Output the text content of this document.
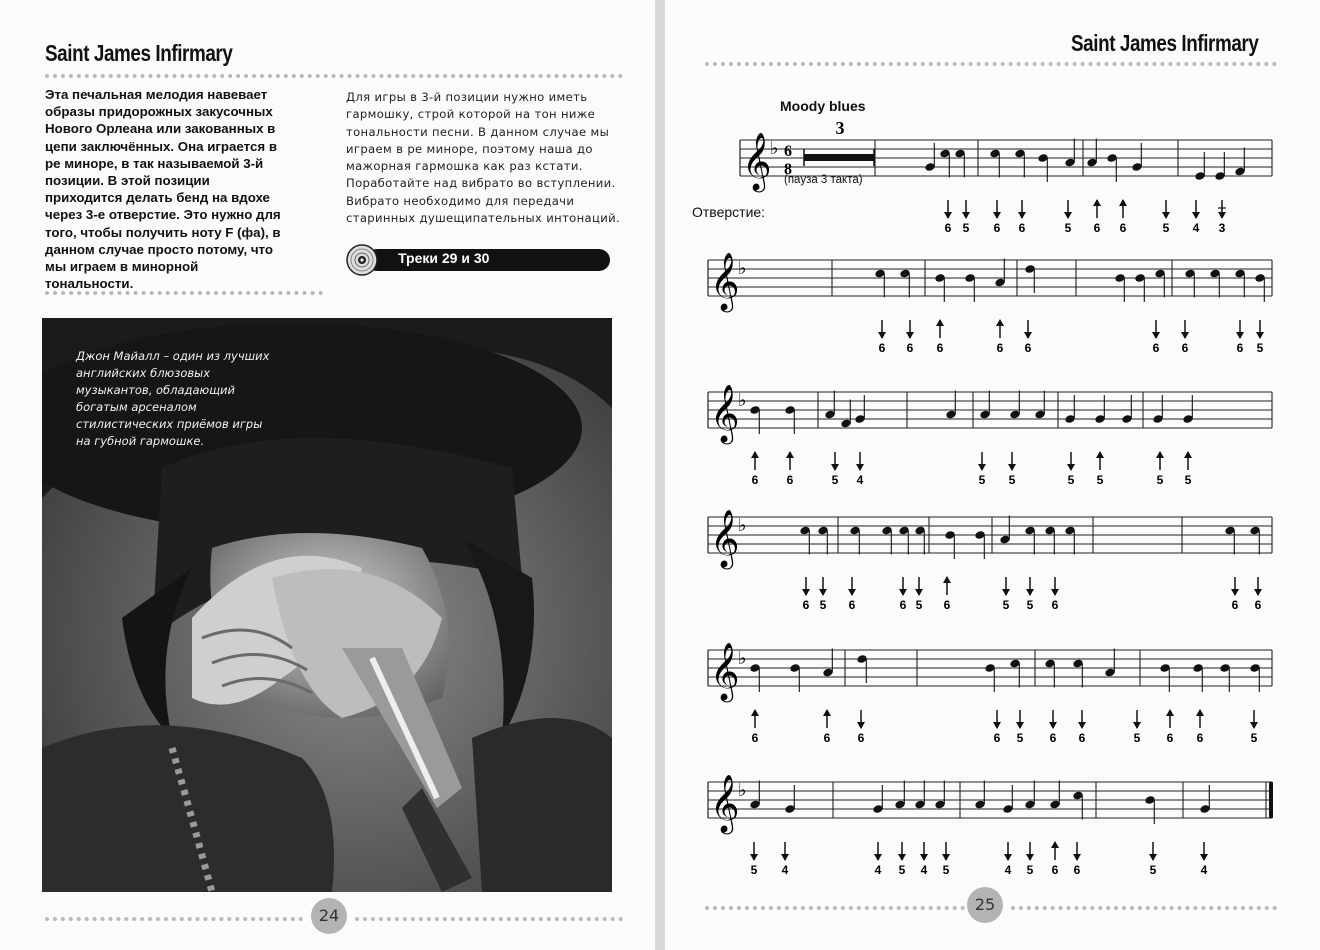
Saint James Infirmary
Эта печальная мелодия навевает
образы придорожных закусочных
Нового Орлеана или закованных в
цепи заключённых. Она играется в
ре миноре, в так называемой 3-й
позиции. В этой позиции
приходится делать бенд на вдохе
через 3-е отверстие. Это нужно для
того, чтобы получить ноту F (фа), в
данном случае просто потому, что
мы играем в минорной
тональности.
Для игры в 3-й позиции нужно иметь
гармошку, строй которой на тон ниже
тональности песни. В данном случае мы
играем в ре миноре, поэтому наша до
мажорная гармошка как раз кстати.
Поработайте над вибрато во вступлении.
Вибрато необходимо для передачи
старинных душещипательных интонаций.
Треки 29 и 30
Джон Майалл – один из лучших
английских блюзовых
музыкантов, обладающий
богатым арсеналом
стилистических приёмов игры
на губной гармошке.
24
Saint James Infirmary
25
Moody blues
(пауза 3 такта)
Отверстие:
𝄞
♭
6 5 6 6	5 6 6	5 4 3
𝄞
♭
6 6 6	6 6	6 6	6 5
𝄞
♭
6 6	5 4	5 5	5 5	5 5
𝄞
♭
6 5 6	6 5 6	5 5 6	6 6
𝄞
♭
6	6 6	6 5 6 6	5 6 6	5
𝄞
♭
5 4	4 5 4 5	4 5 6 6	5	4
6
8
3
